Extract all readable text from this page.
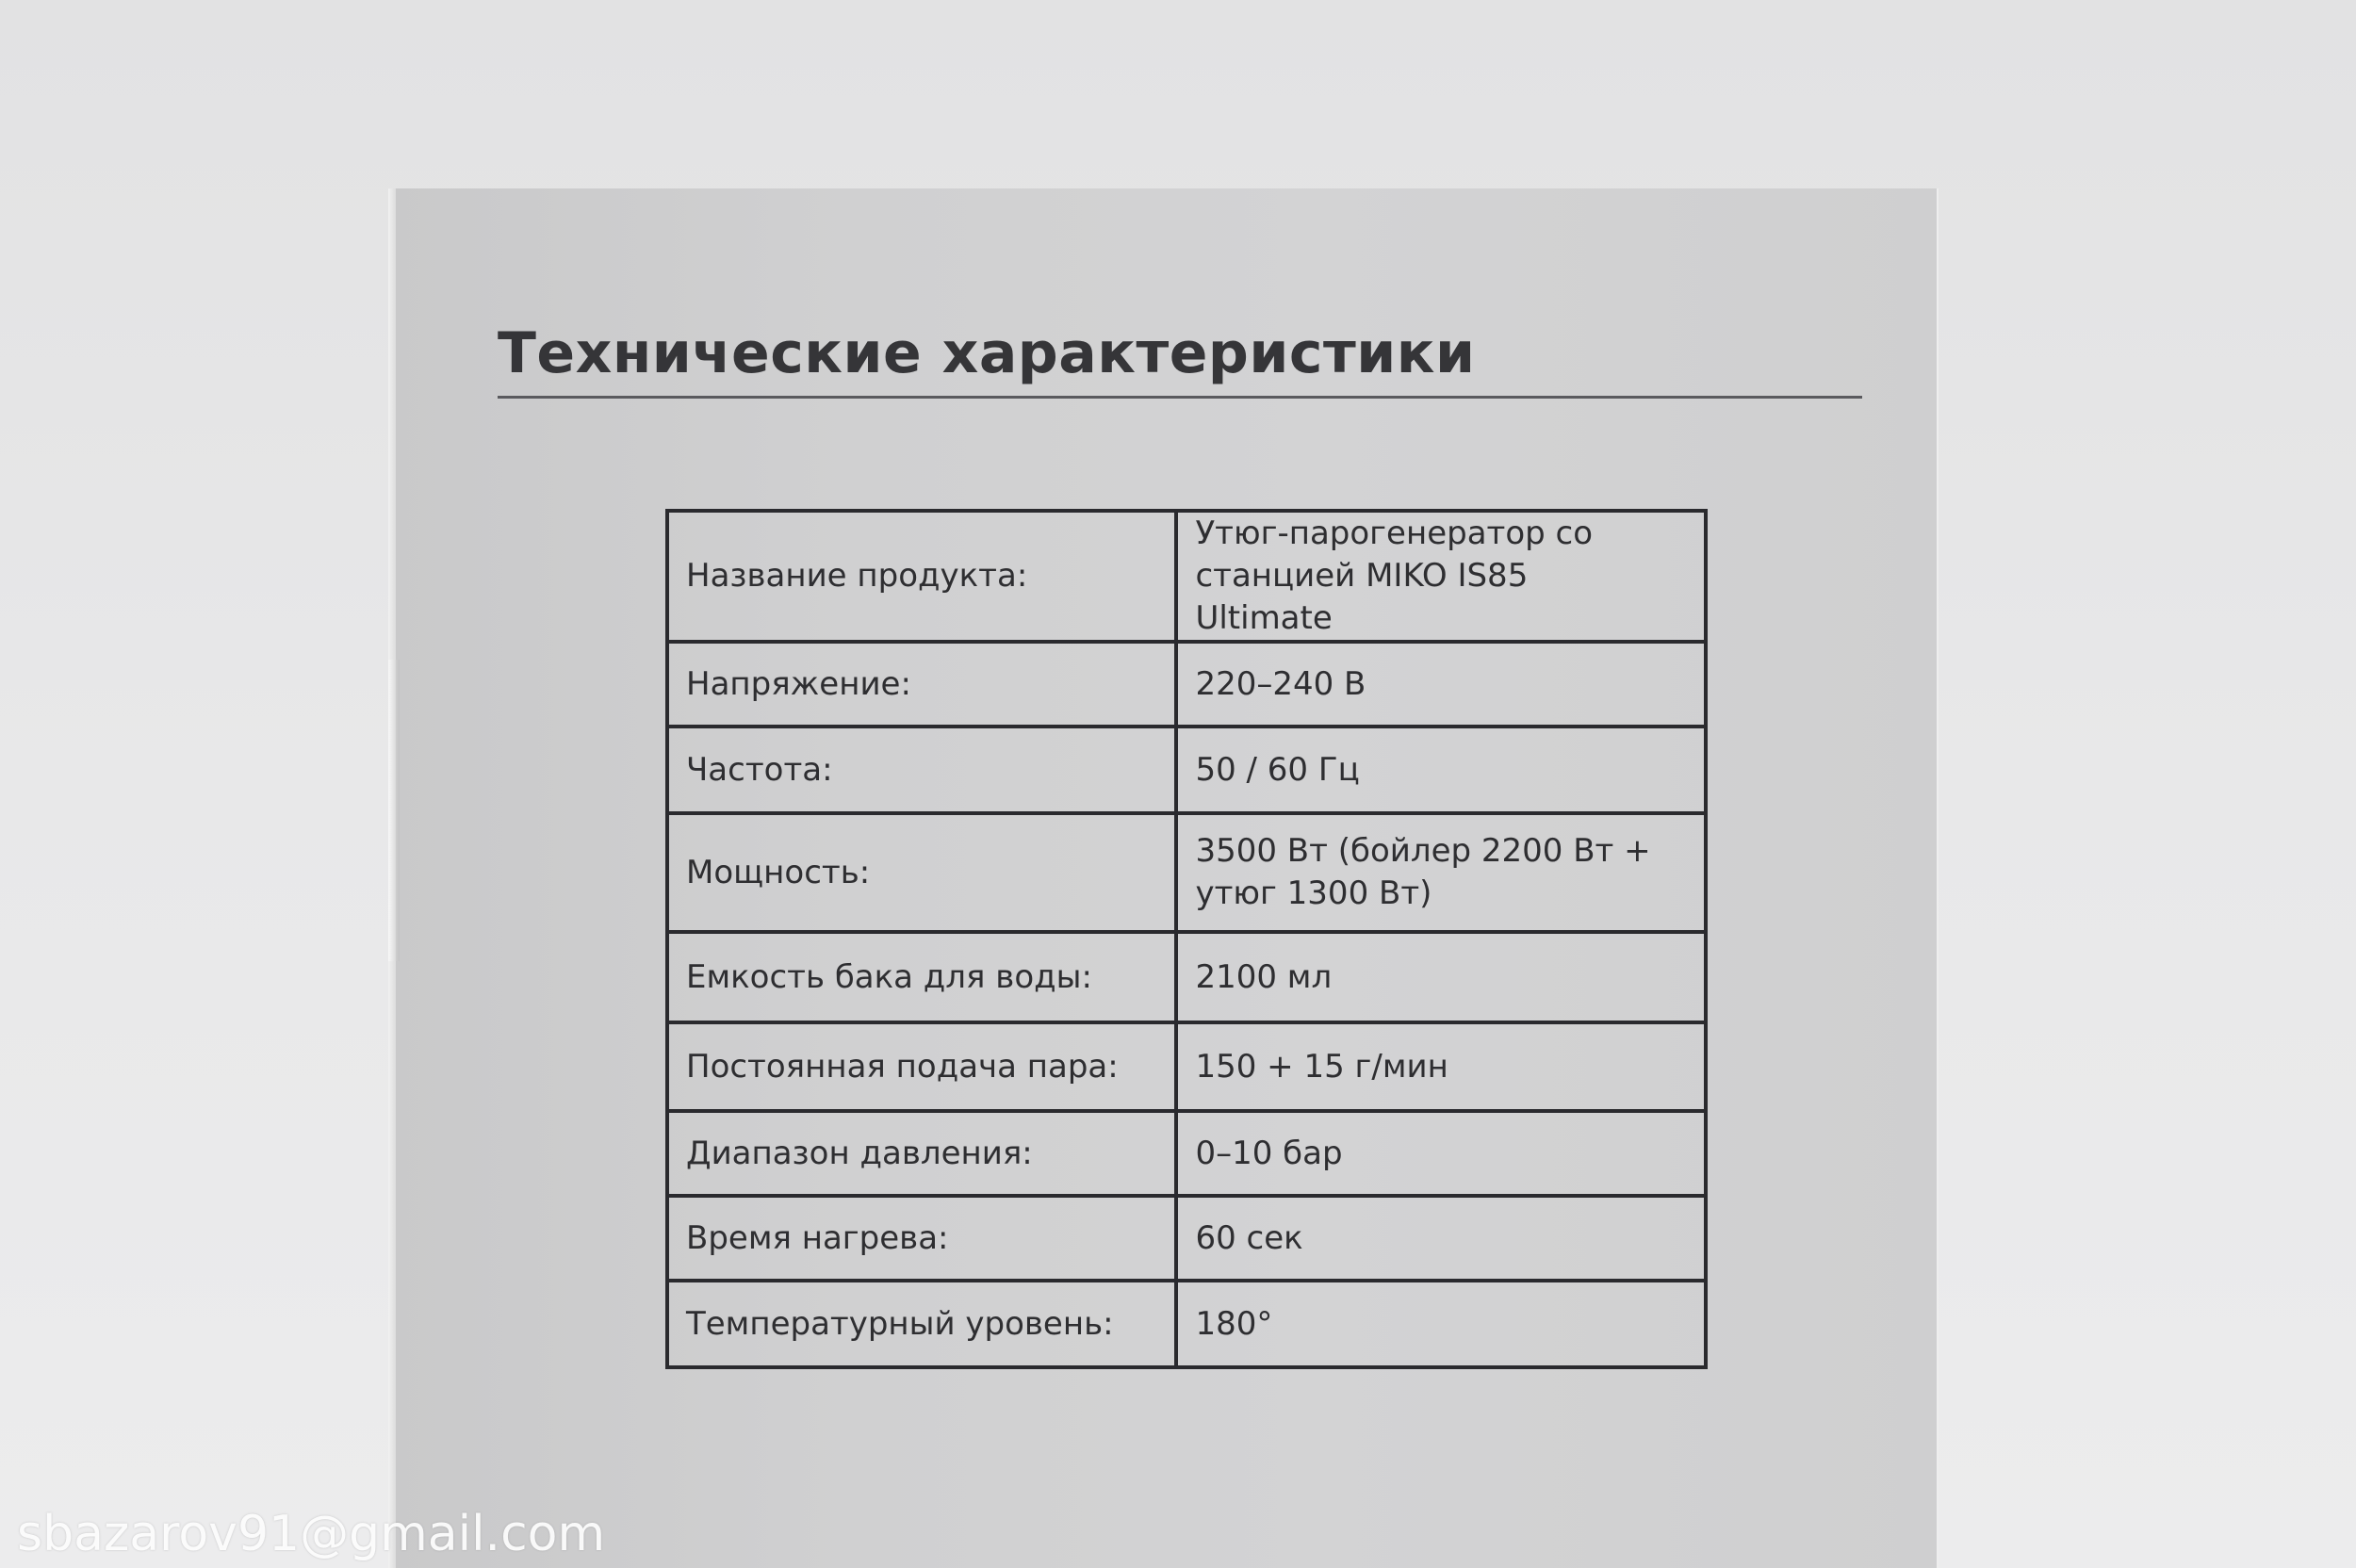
Технические характеристики
Название продукта:	Утюг-парогенератор со станцией MIKO IS85 Ultimate
Напряжение:	220–240 В
Частота:	50 / 60 Гц
Мощность:	3500 Вт (бойлер 2200 Вт + утюг 1300 Вт)
Емкость бака для воды:	2100 мл
Постоянная подача пара:	150 + 15 г/мин
Диапазон давления:	0–10 бар
Время нагрева:	60 сек
Температурный уровень:	180°
sbazarov91@gmail.com
